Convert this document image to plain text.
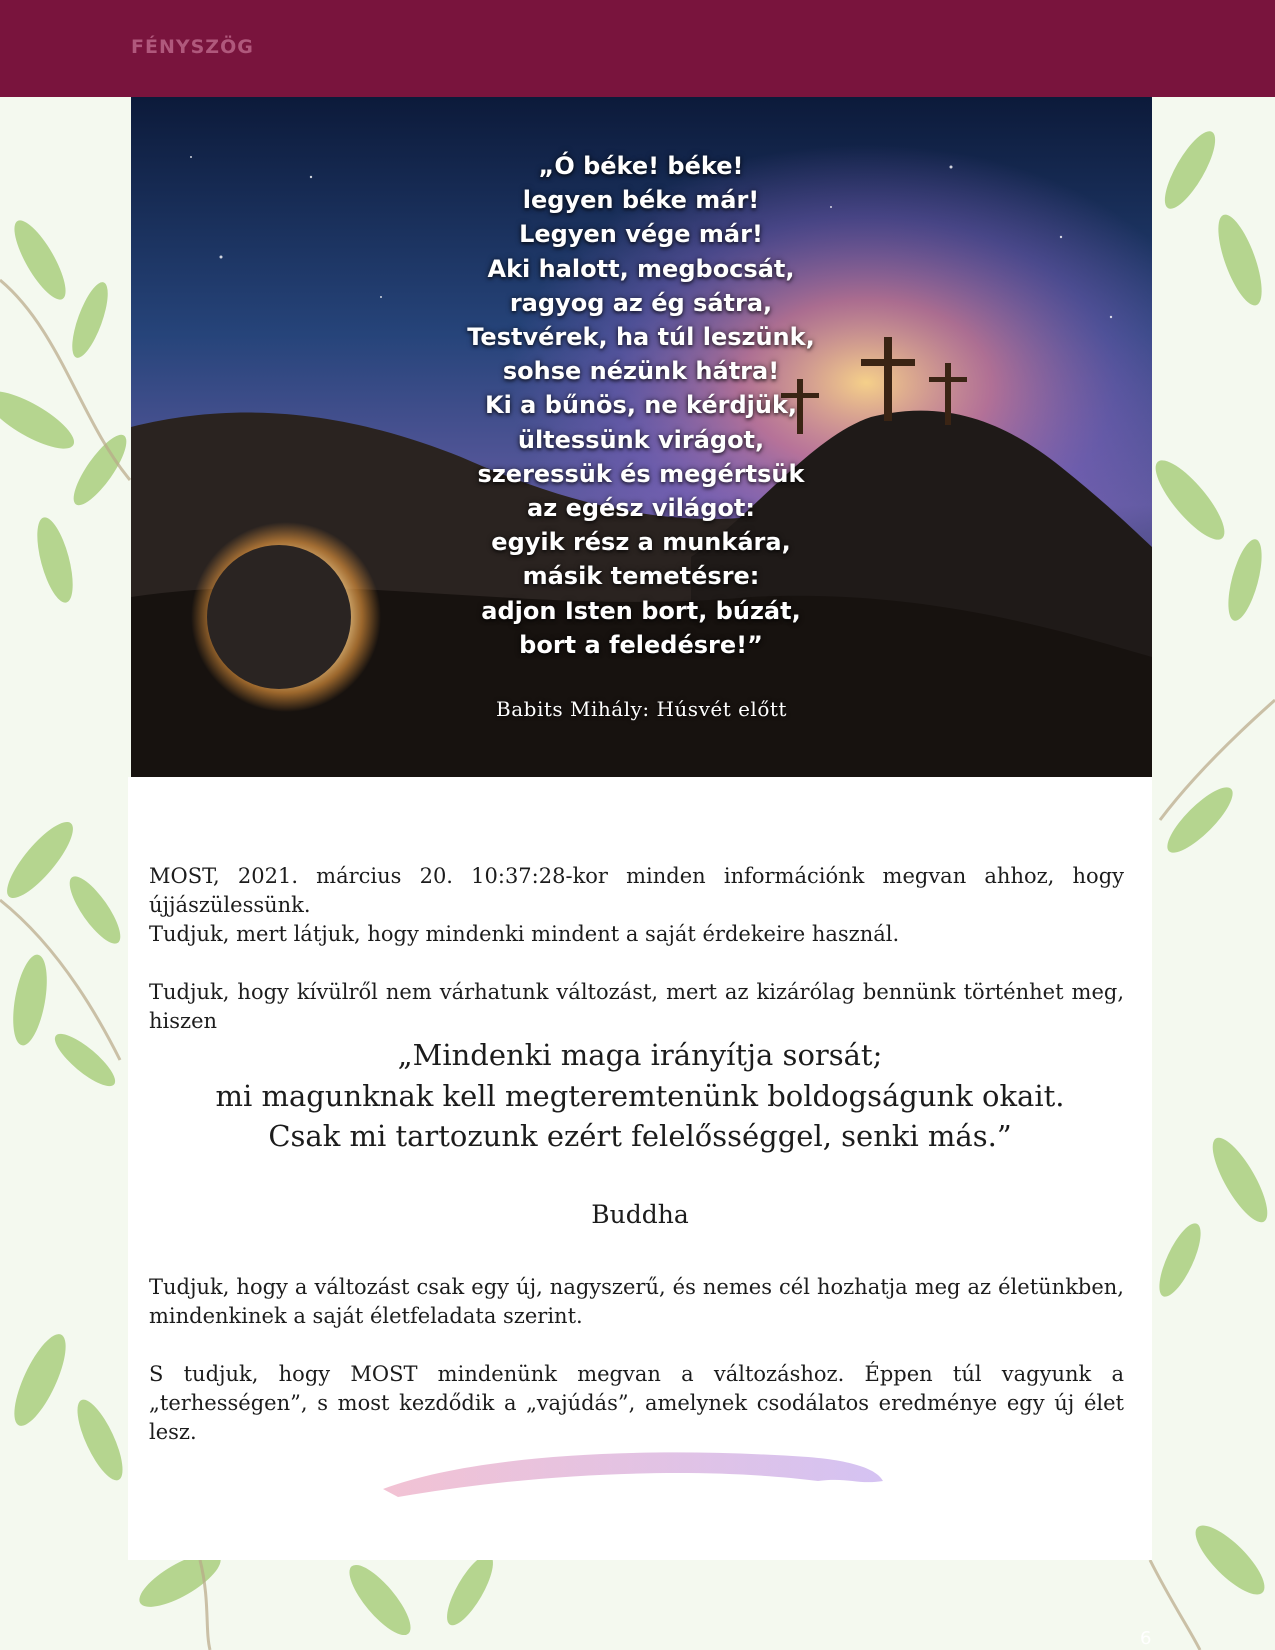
FÉNYSZÖG
„Ó béke! béke!
legyen béke már!
Legyen vége már!
Aki halott, megbocsát,
ragyog az ég sátra,
Testvérek, ha túl leszünk,
sohse nézünk hátra!
Ki a bűnös, ne kérdjük,
ültessünk virágot,
szeressük és megértsük
az egész világot:
egyik rész a munkára,
másik temetésre:
adjon Isten bort, búzát,
bort a feledésre!”
Babits Mihály: Húsvét előtt
MOST, 2021. március 20. 10:37:28-kor minden információnk megvan ahhoz, hogy újjászülessünk.
Tudjuk, mert látjuk, hogy mindenki mindent a saját érdekeire használ.
Tudjuk, hogy kívülről nem várhatunk változást, mert az kizárólag bennünk történhet meg, hiszen
„Mindenki maga irányítja sorsát;
mi magunknak kell megteremtenünk boldogságunk okait.
Csak mi tartozunk ezért felelősséggel, senki más.”
Buddha
Tudjuk, hogy a változást csak egy új, nagyszerű, és nemes cél hozhatja meg az életünkben, mindenkinek a saját életfeladata szerint.
S tudjuk, hogy MOST mindenünk megvan a változáshoz. Éppen túl vagyunk a „terhességen”, s most kezdődik a „vajúdás”, amelynek csodálatos eredménye egy új élet lesz.
6
